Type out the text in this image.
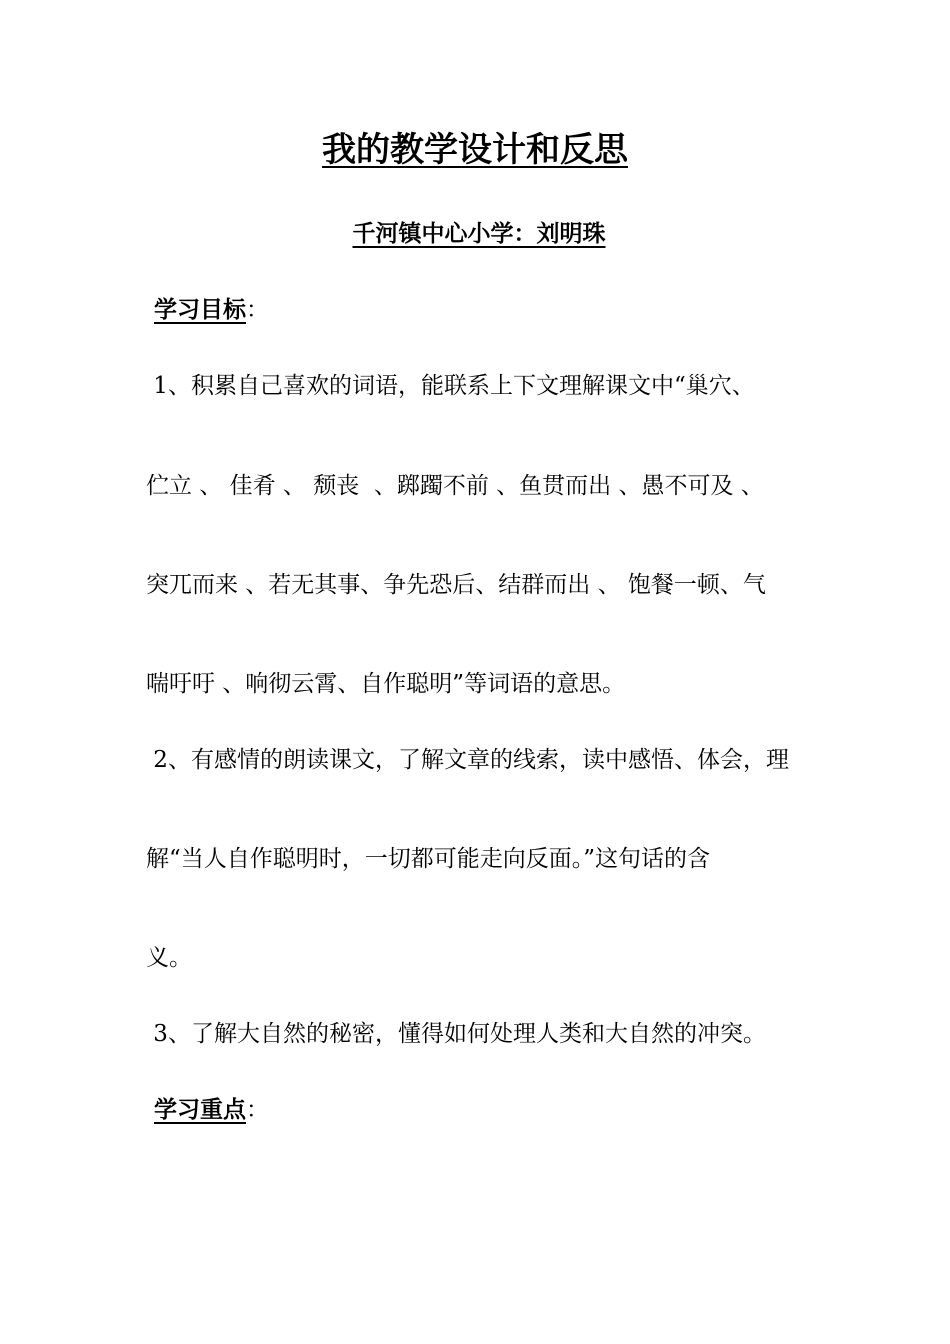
我的教学设计和反思
千河镇中心小学：刘明珠
学习目标：
1、积累自己喜欢的词语，能联系上下文理解课文中“巢穴、
伫立 、 佳肴 、 颓丧  、踯躅不前 、鱼贯而出 、愚不可及 、
突兀而来 、若无其事、争先恐后、结群而出 、 饱餐一顿、气
喘吁吁 、响彻云霄、自作聪明”等词语的意思。
2、有感情的朗读课文，了解文章的线索，读中感悟、体会，理
解“当人自作聪明时，一切都可能走向反面。”这句话的含
义。
3、了解大自然的秘密，懂得如何处理人类和大自然的冲突。
学习重点：
